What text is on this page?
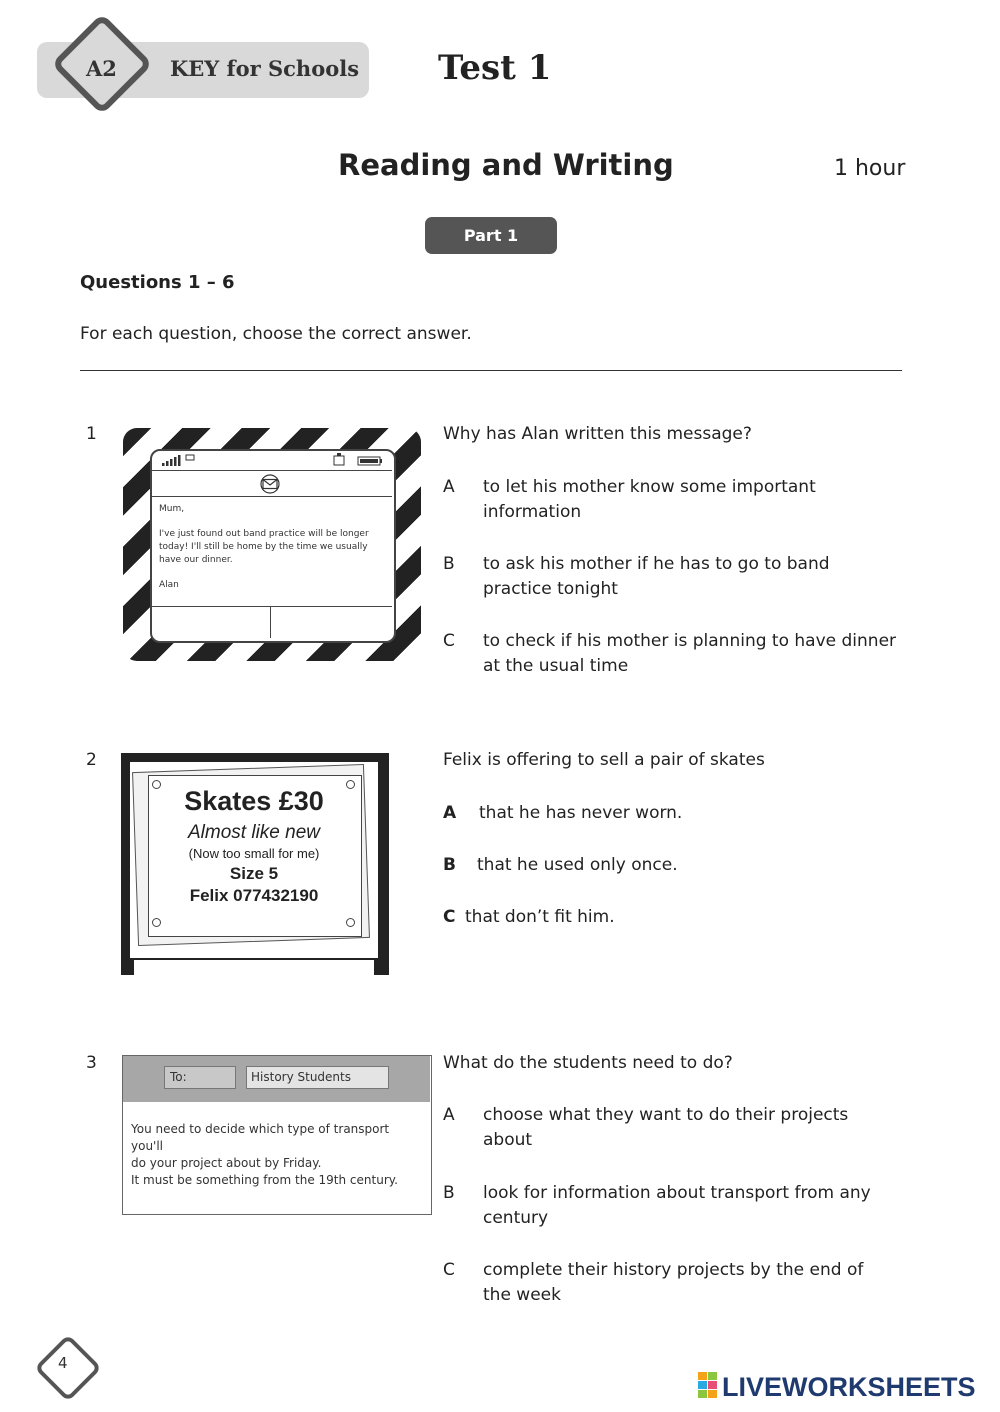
A2	KEY for Schools Test 1
Reading and Writing	1 hour
Part 1
Questions 1 – 6
For each question, choose the correct answer.
1
Mum,
I've just found out band practice will be longer
today! I'll still be home by the time we usually
have our dinner.
Alan
Why has Alan written this message?
A to let his mother know some important
information
B to ask his mother if he has to go to band
practice tonight
C to check if his mother is planning to have dinner
at the usual time
2
Skates £30
Almost like new
(Now too small for me)
Size 5
Felix 077432190
Felix is offering to sell a pair of skates
A that he has never worn.
B that he used only once.
C that don’t fit him.
3
To:	History Students
You need to decide which type of transport you'll
do your project about by Friday.
It must be something from the 19th century.
What do the students need to do?
A choose what they want to do their projects
about
B look for information about transport from any
century
C complete their history projects by the end of
the week
4
LIVEWORKSHEETS
